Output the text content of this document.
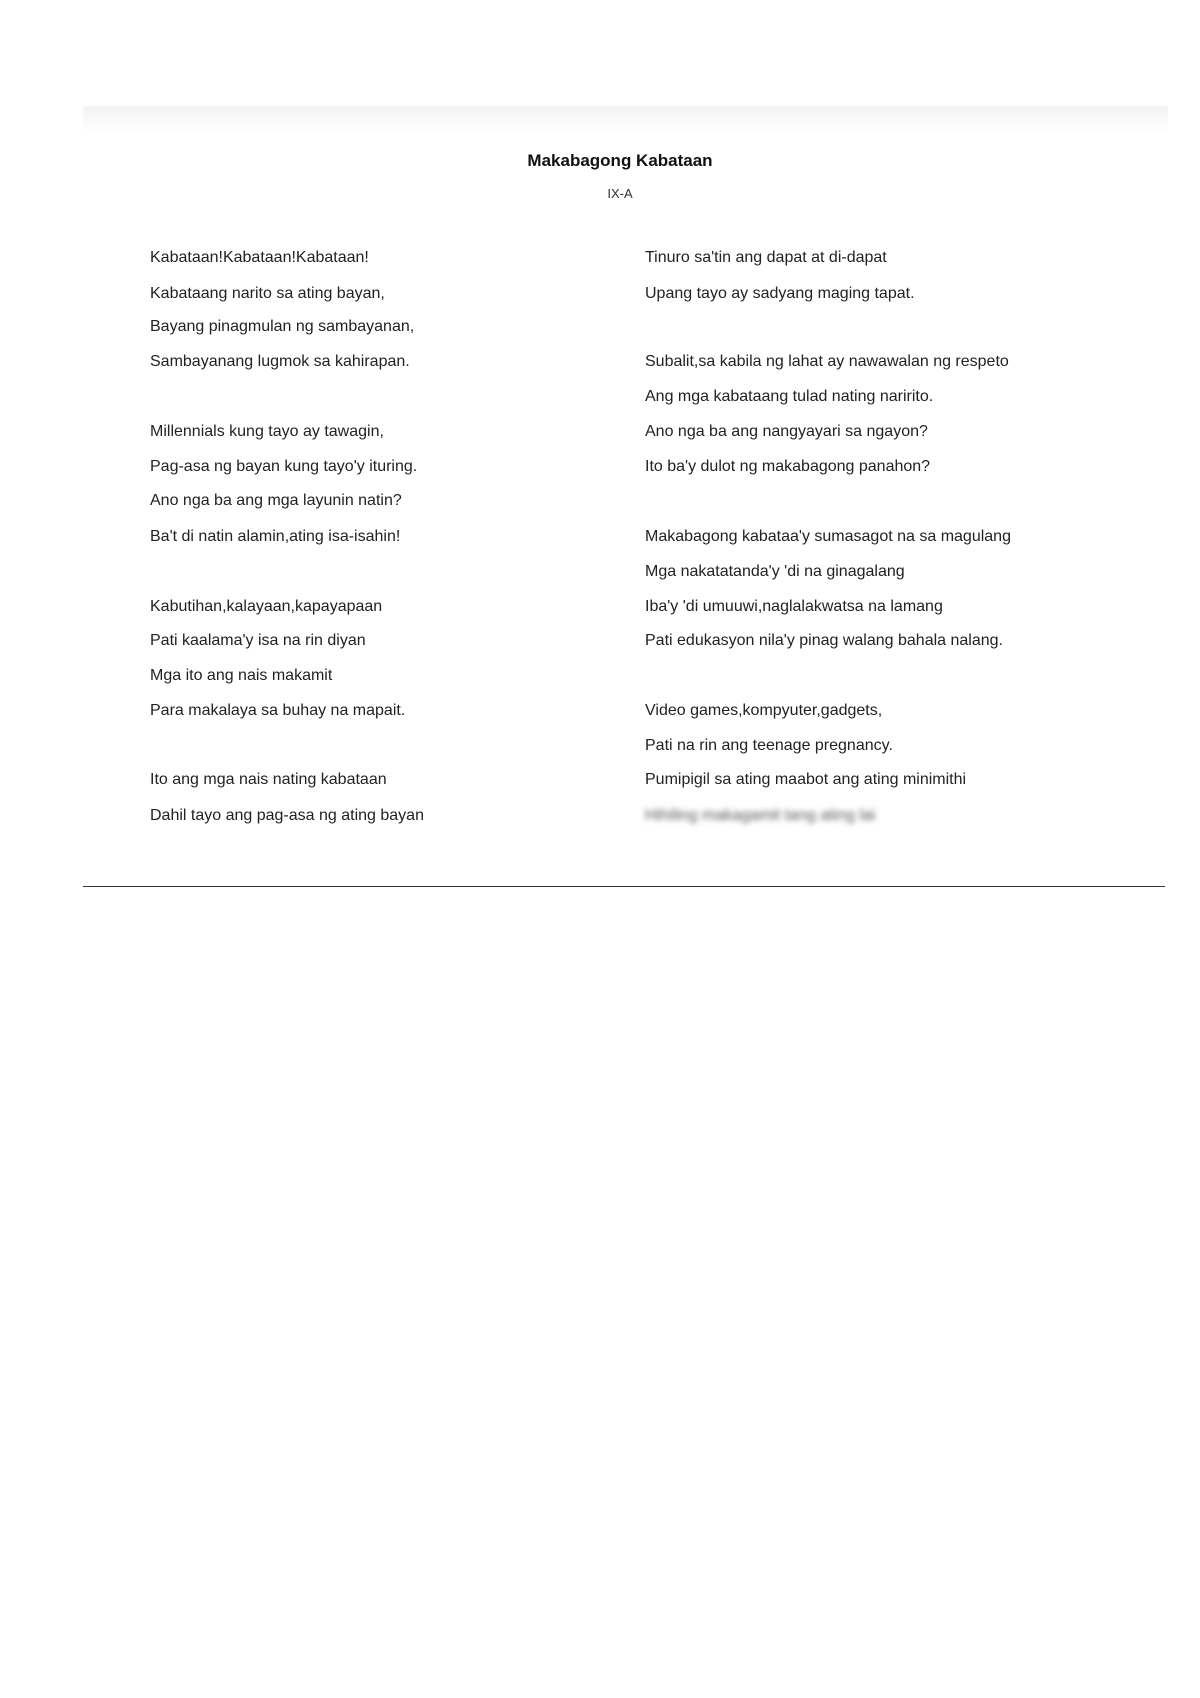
Makabagong Kabataan
IX-A
Kabataan!Kabataan!Kabataan!
Kabataang narito sa ating bayan,
Bayang pinagmulan ng sambayanan,
Sambayanang lugmok sa kahirapan.
Millennials kung tayo ay tawagin,
Pag-asa ng bayan kung tayo'y ituring.
Ano nga ba ang mga layunin natin?
Ba't di natin alamin,ating isa-isahin!
Kabutihan,kalayaan,kapayapaan
Pati kaalama'y isa na rin diyan
Mga ito ang nais makamit
Para makalaya sa buhay na mapait.
Ito ang mga nais nating kabataan
Dahil tayo ang pag-asa ng ating bayan
Tinuro sa'tin ang dapat at di-dapat
Upang tayo ay sadyang maging tapat.
Subalit,sa kabila ng lahat ay nawawalan ng respeto
Ang mga kabataang tulad nating naririto.
Ano nga ba ang nangyayari sa ngayon?
Ito ba'y dulot ng makabagong panahon?
Makabagong kabataa'y sumasagot na sa magulang
Mga nakatatanda'y 'di na ginagalang
Iba'y 'di umuuwi,naglalakwatsa na lamang
Pati edukasyon nila'y pinag walang bahala nalang.
Video games,kompyuter,gadgets,
Pati na rin ang teenage pregnancy.
Pumipigil sa ating maabot ang ating minimithi
Hihiling makagamit tang ating lai
